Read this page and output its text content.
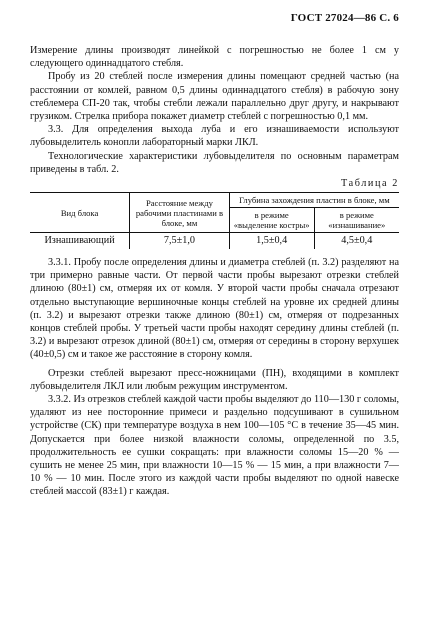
ГОСТ 27024—86 С. 6

Измерение длины производят линейкой с погрешностью не более 1 см у следующего одиннадцатого стебля.

Пробу из 20 стеблей после измерения длины помещают средней частью (на расстоянии от комлей, равном 0,5 длины одиннадцатого стебля) в рабочую зону стеблемера СП-20 так, чтобы стебли лежали параллельно друг другу, и накрывают грузиком. Стрелка прибора покажет диаметр стеблей с погрешностью 0,1 мм.

3.3. Для определения выхода луба и его изнашиваемости используют лубовыделитель конопли лабораторный марки ЛКЛ.

Технологические характеристики лубовыделителя по основным параметрам приведены в табл. 2.

Таблица 2
Вид блока	Расстояние между рабочими пластинами в блоке, мм	Глубина захождения пластин в блоке, мм	
		в режиме «выделение костры»	в режиме «изнашивание»
Изнашивающий	7,5±1,0	1,5±0,4	4,5±0,4

3.3.1. Пробу после определения длины и диаметра стеблей (п. 3.2) разделяют на три примерно равные части. От первой части пробы вырезают отрезки стеблей длиною (80±1) см, отмеряя их от комля. У второй части пробы сначала отрезают отдельно выступающие вершиночные концы стеблей на уровне их средней длины (п. 3.2) и вырезают отрезки также длиною (80±1) см, отмеряя от подрезанных концов стеблей пробы. У третьей части пробы находят середину длины стеблей (п. 3.2) и вырезают отрезок длиной (80±1) см, отмеряя от середины в сторону верхушек (40±0,5) см и такое же расстояние в сторону комля.

Отрезки стеблей вырезают пресс-ножницами (ПН), входящими в комплект лубовыделителя ЛКЛ или любым режущим инструментом.

3.3.2. Из отрезков стеблей каждой части пробы выделяют до 110—130 г соломы, удаляют из нее посторонние примеси и раздельно подсушивают в сушильном устройстве (СК) при температуре воздуха в нем 100—105 °С в течение 35—45 мин. Допускается при более низкой влажности соломы, определенной по 3.5, продолжительность ее сушки сокращать: при влажности соломы 15—20 % — сушить не менее 25 мин, при влажности 10—15 % — 15 мин, а при влажности 7—10 % — 10 мин. После этого из каждой части пробы выделяют по одной навеске стеблей массой (83±1) г каждая.
